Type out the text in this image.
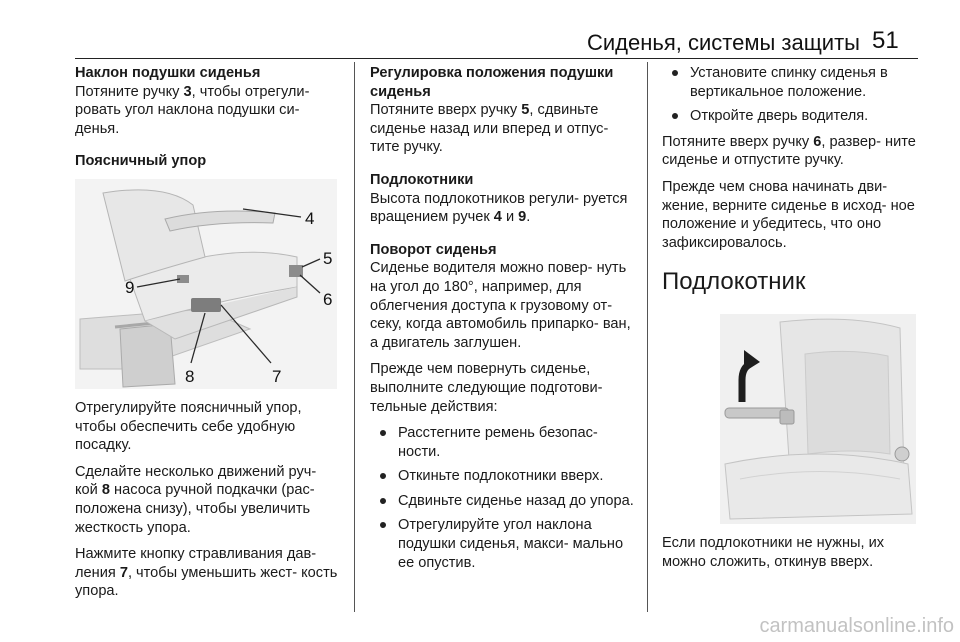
Сиденья, системы защиты 51
Наклон подушки сиденья

Потяните ручку 3, чтобы отрегули- ровать угол наклона подушки си- денья.

Поясничный упор
4
5
6
7
8
9

Отрегулируйте поясничный упор, чтобы обеспечить себе удобную посадку.

Сделайте несколько движений руч- кой 8 насоса ручной подкачки (рас- положена снизу), чтобы увеличить жесткость упора.

Нажмите кнопку стравливания дав- ления 7, чтобы уменьшить жест- кость упора.

Регулировка положения подушки сиденья

Потяните вверх ручку 5, сдвиньте сиденье назад или вперед и отпус- тите ручку.

Подлокотники

Высота подлокотников регули- руется вращением ручек 4 и 9.

Поворот сиденья

Сиденье водителя можно повер- нуть на угол до 180°, например, для облегчения доступа к грузовому от- секу, когда автомобиль припарко- ван, а двигатель заглушен.

Прежде чем повернуть сиденье, выполните следующие подготови- тельные действия:

Расстегните ремень безопас- ности.
Откиньте подлокотники вверх.
Сдвиньте сиденье назад до упора.
Отрегулируйте угол наклона подушки сиденья, макси- мально ее опустив.
Установите спинку сиденья в вертикальное положение.
Откройте дверь водителя.

Потяните вверх ручку 6, развер- ните сиденье и отпустите ручку.

Прежде чем снова начинать дви- жение, верните сиденье в исход- ное положение и убедитесь, что оно зафиксировалось.

Подлокотник

Если подлокотники не нужны, их можно сложить, откинув вверх.

carmanualsonline.info
